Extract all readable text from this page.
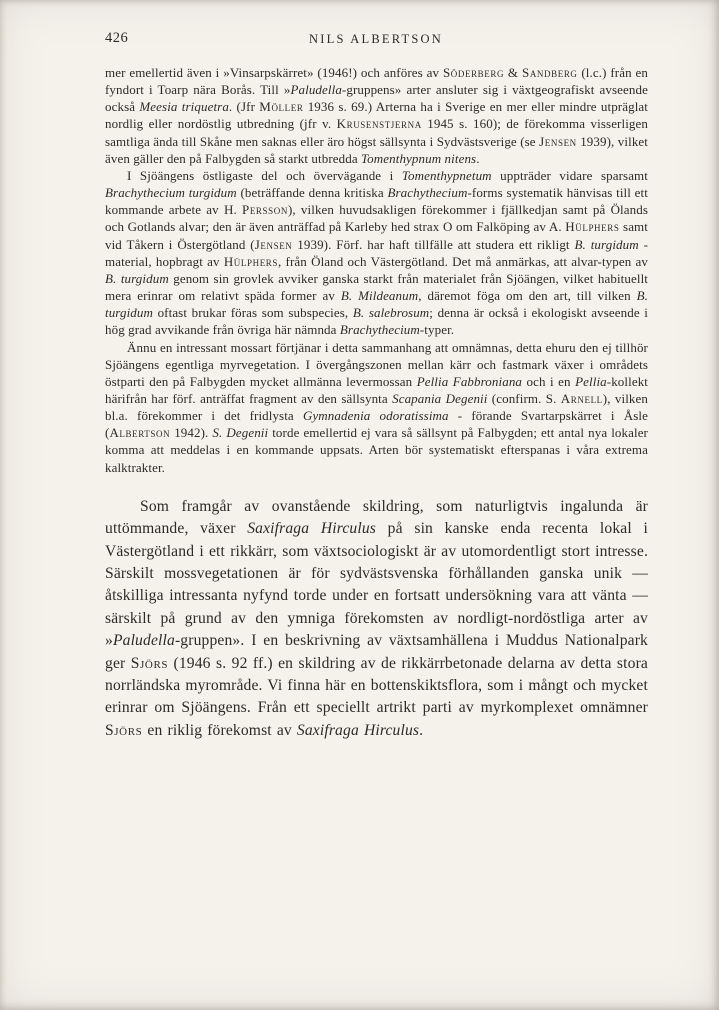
426	NILS ALBERTSON

mer emellertid även i »Vinsarpskärret» (1946!) och anföres av Söderberg & Sandberg (l.c.) från en fyndort i Toarp nära Borås. Till »Paludella-gruppens» arter ansluter sig i växtgeografiskt avseende också Meesia triquetra. (Jfr Möller 1936 s. 69.) Arterna ha i Sverige en mer eller mindre utpräglat nordlig eller nordöstlig utbredning (jfr v. Krusenstjerna 1945 s. 160); de förekomma visserligen samtliga ända till Skåne men saknas eller äro högst sällsynta i Sydvästsverige (se Jensen 1939), vilket även gäller den på Falbygden så starkt utbredda Tomenthypnum nitens.

I Sjöängens östligaste del och övervägande i Tomenthypnetum uppträder vidare sparsamt Brachythecium turgidum (beträffande denna kritiska Brachythecium-forms systematik hänvisas till ett kommande arbete av H. Persson), vilken huvudsakligen förekommer i fjällkedjan samt på Ölands och Gotlands alvar; den är även anträffad på Karleby hed strax O om Falköping av A. Hülphers samt vid Tåkern i Östergötland (Jensen 1939). Förf. har haft tillfälle att studera ett rikligt B. turgidum - material, hopbragt av Hülphers, från Öland och Västergötland. Det må anmärkas, att alvar-typen av B. turgidum genom sin grovlek avviker ganska starkt från materialet från Sjöängen, vilket habituellt mera erinrar om relativt späda former av B. Mildeanum, däremot föga om den art, till vilken B. turgidum oftast brukar föras som subspecies, B. salebrosum; denna är också i ekologiskt avseende i hög grad avvikande från övriga här nämnda Brachythecium-typer.

Ännu en intressant mossart förtjänar i detta sammanhang att omnämnas, detta ehuru den ej tillhör Sjöängens egentliga myrvegetation. I övergångszonen mellan kärr och fastmark växer i områdets östparti den på Falbygden mycket allmänna levermossan Pellia Fabbroniana och i en Pellia-kollekt härifrån har förf. anträffat fragment av den sällsynta Scapania Degenii (confirm. S. Arnell), vilken bl.a. förekommer i det fridlysta Gymnadenia odoratissima - förande Svartarpskärret i Åsle (Albertson 1942). S. Degenii torde emellertid ej vara så sällsynt på Falbygden; ett antal nya lokaler komma att meddelas i en kommande uppsats. Arten bör systematiskt efterspanas i våra extrema kalktrakter.

Som framgår av ovanstående skildring, som naturligtvis ingalunda är uttömmande, växer Saxifraga Hirculus på sin kanske enda recenta lokal i Västergötland i ett rikkärr, som växtsociologiskt är av utomordentligt stort intresse. Särskilt mossvegetationen är för sydvästsvenska förhållanden ganska unik — åtskilliga intressanta nyfynd torde under en fortsatt undersökning vara att vänta — särskilt på grund av den ymniga förekomsten av nordligt-nordöstliga arter av »Paludella-gruppen». I en beskrivning av växtsamhällena i Muddus Nationalpark ger Sjörs (1946 s. 92 ff.) en skildring av de rikkärrbetonade delarna av detta stora norrländska myrområde. Vi finna här en bottenskiktsflora, som i mångt och mycket erinrar om Sjöängens. Från ett speciellt artrikt parti av myrkomplexet omnämner Sjörs en riklig förekomst av Saxifraga Hirculus.
